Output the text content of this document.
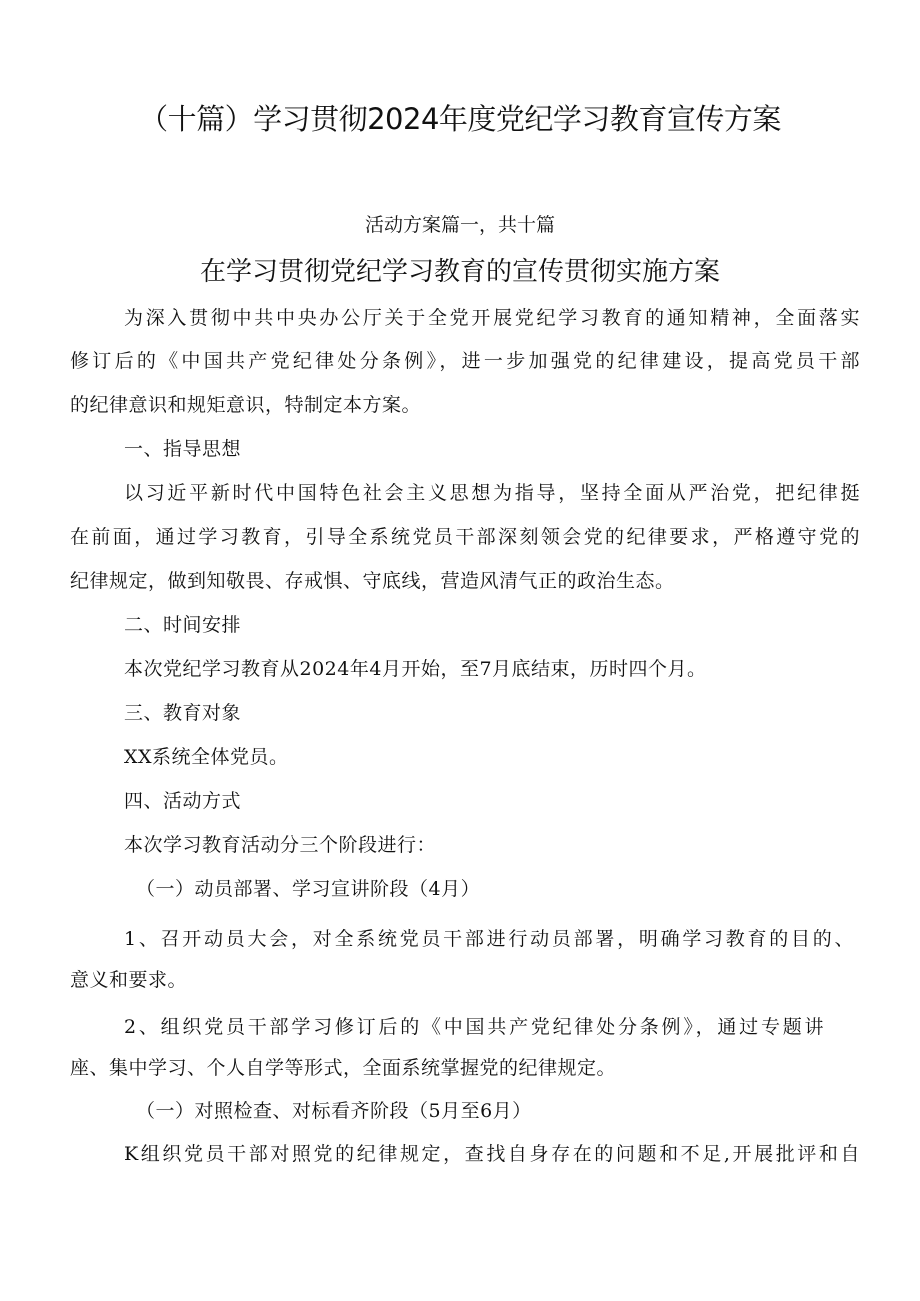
（十篇）学习贯彻2024年度党纪学习教育宣传方案
活动方案篇一，共十篇
在学习贯彻党纪学习教育的宣传贯彻实施方案
为深入贯彻中共中央办公厅关于全党开展党纪学习教育的通知精神，全面落实
修订后的《中国共产党纪律处分条例》，进一步加强党的纪律建设，提高党员干部
的纪律意识和规矩意识，特制定本方案。
一、指导思想
以习近平新时代中国特色社会主义思想为指导，坚持全面从严治党，把纪律挺
在前面，通过学习教育，引导全系统党员干部深刻领会党的纪律要求，严格遵守党的
纪律规定，做到知敬畏、存戒惧、守底线，营造风清气正的政治生态。
二、时间安排
本次党纪学习教育从2024年4月开始，至7月底结束，历时四个月。
三、教育对象
XX系统全体党员。
四、活动方式
本次学习教育活动分三个阶段进行：
（一）动员部署、学习宣讲阶段（4月）
1、召开动员大会，对全系统党员干部进行动员部署，明确学习教育的目的、
意义和要求。
2、组织党员干部学习修订后的《中国共产党纪律处分条例》，通过专题讲
座、集中学习、个人自学等形式，全面系统掌握党的纪律规定。
（一）对照检查、对标看齐阶段（5月至6月）
K组织党员干部对照党的纪律规定，查找自身存在的问题和不足,开展批评和自
